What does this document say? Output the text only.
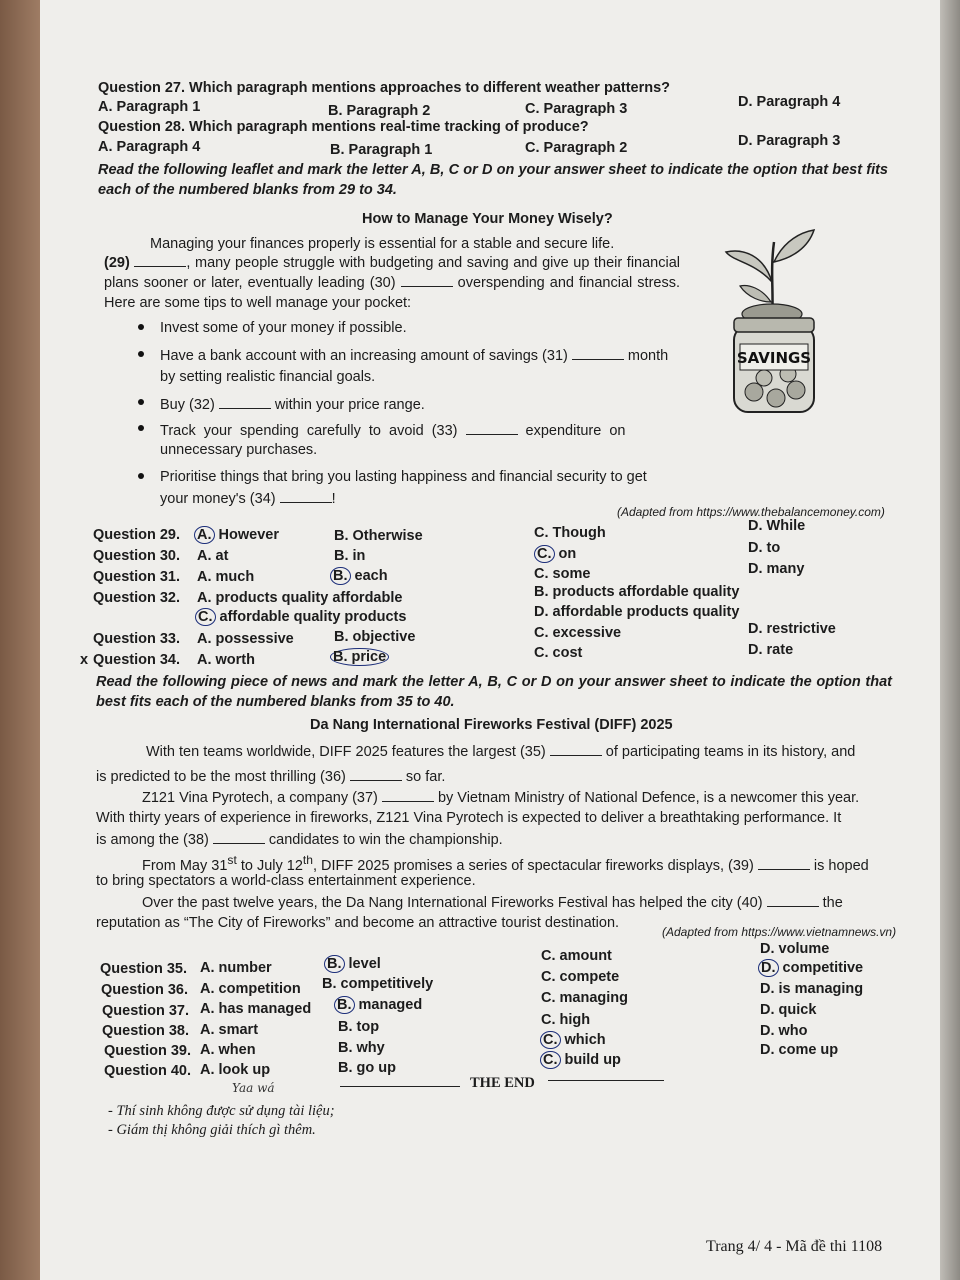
Question 27. Which paragraph mentions approaches to different weather patterns?
A. Paragraph 1	B. Paragraph 2	C. Paragraph 3	D. Paragraph 4
Question 28. Which paragraph mentions real-time tracking of produce?
A. Paragraph 4	B. Paragraph 1	C. Paragraph 2	D. Paragraph 3
Read the following leaflet and mark the letter A, B, C or D on your answer sheet to indicate the option that best fits each of the numbered blanks from 29 to 34.
How to Manage Your Money Wisely?
Managing your finances properly is essential for a stable and secure life.
(29)	, many people struggle with budgeting and saving and give up their financial plans sooner or later, eventually leading (30)	overspending and financial stress. Here are some tips to well manage your pocket:
Invest some of your money if possible.
Have a bank account with an increasing amount of savings (31)	month
by setting realistic financial goals.
Buy (32)	within your price range.
Track your spending carefully to avoid (33)	expenditure on
unnecessary purchases.
Prioritise things that bring you lasting happiness and financial security to get
your money's (34)	!
SAVINGS
(Adapted from https://www.thebalancemoney.com)
Question 29. A. However	B. Otherwise	C. Though	D. While
Question 30. A. at	B. in	C. on	D. to
Question 31. A. much	B. each	C. some	D. many
Question 32. A. products quality affordable	B. products affordable quality
C. affordable quality products	D. affordable products quality
Question 33. A. possessive	B. objective	C. excessive	D. restrictive
x Question 34. A. worth	B. price	C. cost	D. rate
Read the following piece of news and mark the letter A, B, C or D on your answer sheet to indicate the option that best fits each of the numbered blanks from 35 to 40.
Da Nang International Fireworks Festival (DIFF) 2025
With ten teams worldwide, DIFF 2025 features the largest (35)	of participating teams in its history, and
is predicted to be the most thrilling (36)	so far.
Z121 Vina Pyrotech, a company (37)	by Vietnam Ministry of National Defence, is a newcomer this year.
With thirty years of experience in fireworks, Z121 Vina Pyrotech is expected to deliver a breathtaking performance. It
is among the (38)	candidates to win the championship.
From May 31st to July 12th, DIFF 2025 promises a series of spectacular fireworks displays, (39)	is hoped
to bring spectators a world-class entertainment experience.
Over the past twelve years, the Da Nang International Fireworks Festival has helped the city (40)	the
reputation as “The City of Fireworks” and become an attractive tourist destination.
(Adapted from https://www.vietnamnews.vn)
Question 35. A. number	B. level	C. amount	D. volume
Question 36. A. competition B. competitively	C. compete
D. competitive
Question 37. A. has managed B. managed	C. managing
D. is managing
Question 38. A. smart	B. top	C. high
D. quick
Question 39. A. when	B. why	C. which
D. who
Question 40. A. look up	B. go up	C. build up
D. come up
Yaa wá	THE END
- Thí sinh không được sử dụng tài liệu;
- Giám thị không giải thích gì thêm.
Trang 4/ 4 - Mã đề thi 1108
